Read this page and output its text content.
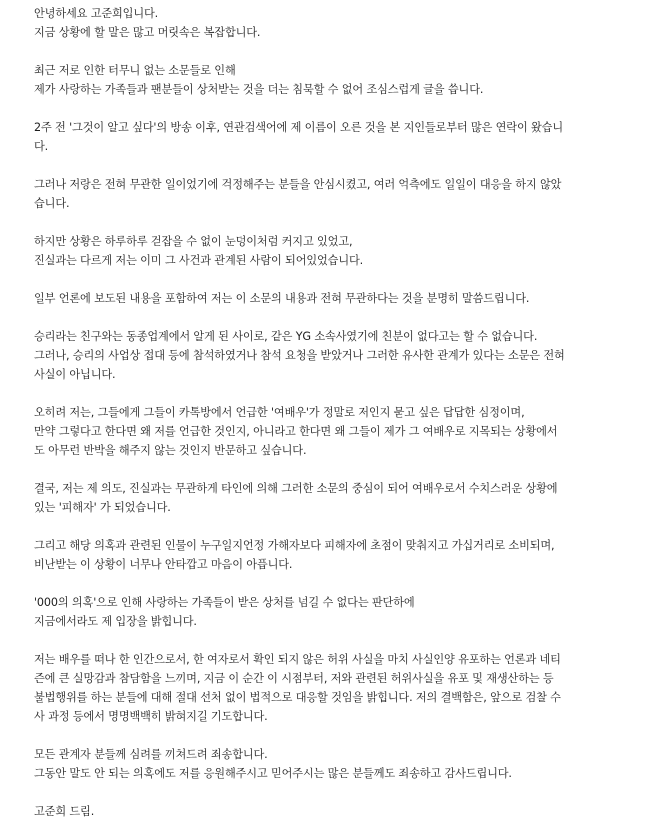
안녕하세요 고준희입니다.
지금 상황에 할 말은 많고 머릿속은 복잡합니다.
최근 저로 인한 터무니 없는 소문들로 인해
제가 사랑하는 가족들과 팬분들이 상처받는 것을 더는 침묵할 수 없어 조심스럽게 글을 씁니다.
2주 전 '그것이 알고 싶다'의 방송 이후, 연관검색어에 제 이름이 오른 것을 본 지인들로부터 많은 연락이 왔습니
다.
그러나 저랑은 전혀 무관한 일이었기에 걱정해주는 분들을 안심시켰고, 여러 억측에도 일일이 대응을 하지 않았
습니다.
하지만 상황은 하루하루 걷잡을 수 없이 눈덩이처럼 커지고 있었고,
진실과는 다르게 저는 이미 그 사건과 관계된 사람이 되어있었습니다.
일부 언론에 보도된 내용을 포함하여 저는 이 소문의 내용과 전혀 무관하다는 것을 분명히 말씀드립니다.
승리라는 친구와는 동종업계에서 알게 된 사이로, 같은 YG 소속사였기에 친분이 없다고는 할 수 없습니다.
그러나, 승리의 사업상 접대 등에 참석하였거나 참석 요청을 받았거나 그러한 유사한 관계가 있다는 소문은 전혀
사실이 아닙니다.
오히려 저는, 그들에게 그들이 카톡방에서 언급한 '여배우'가 정말로 저인지 묻고 싶은 답답한 심정이며,
만약 그렇다고 한다면 왜 저를 언급한 것인지, 아니라고 한다면 왜 그들이 제가 그 여배우로 지목되는 상황에서
도 아무런 반박을 해주지 않는 것인지 반문하고 싶습니다.
결국, 저는 제 의도, 진실과는 무관하게 타인에 의해 그러한 소문의 중심이 되어 여배우로서 수치스러운 상황에
있는 '피해자' 가 되었습니다.
그리고 해당 의혹과 관련된 인물이 누구일지언정 가해자보다 피해자에 초점이 맞춰지고 가십거리로 소비되며,
비난받는 이 상황이 너무나 안타깝고 마음이 아픕니다.
'000의 의혹'으로 인해 사랑하는 가족들이 받은 상처를 넘길 수 없다는 판단하에
지금에서라도 제 입장을 밝힙니다.
저는 배우를 떠나 한 인간으로서, 한 여자로서 확인 되지 않은 허위 사실을 마치 사실인양 유포하는 언론과 네티
즌에 큰 실망감과 참담함을 느끼며, 지금 이 순간 이 시점부터, 저와 관련된 허위사실을 유포 및 재생산하는 등
불법행위를 하는 분들에 대해 절대 선처 없이 법적으로 대응할 것임을 밝힙니다. 저의 결백함은, 앞으로 검찰 수
사 과정 등에서 명명백백히 밝혀지길 기도합니다.
모든 관계자 분들께 심려를 끼쳐드려 죄송합니다.
그동안 말도 안 되는 의혹에도 저를 응원해주시고 믿어주시는 많은 분들께도 죄송하고 감사드립니다.
고준희 드림.
